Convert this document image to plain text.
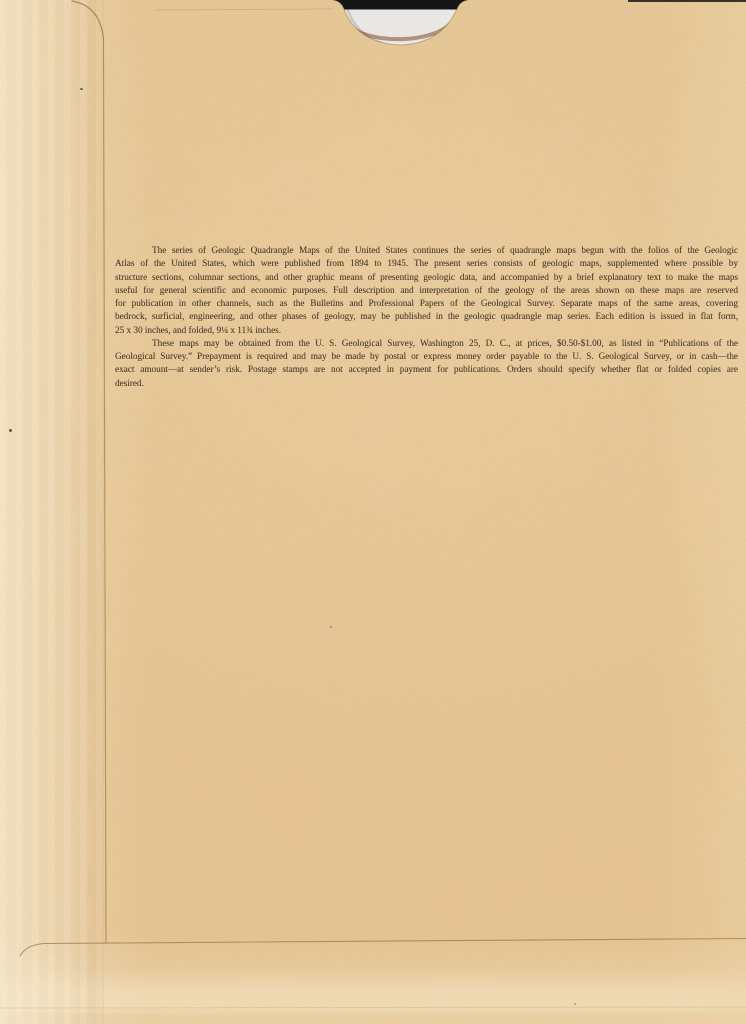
The series of Geologic Quadrangle Maps of the United States continues the series of quadrangle maps begun with the folios of the Geologic
Atlas of the United States, which were published from 1894 to 1945. The present series consists of geologic maps, supplemented where possible by
structure sections, columnar sections, and other graphic means of presenting geologic data, and accompanied by a brief explanatory text to make the maps
useful for general scientific and economic purposes. Full description and interpretation of the geology of the areas shown on these maps are reserved
for publication in other channels, such as the Bulletins and Professional Papers of the Geological Survey. Separate maps of the same areas, covering
bedrock, surficial, engineering, and other phases of geology, may be published in the geologic quadrangle map series. Each edition is issued in flat form,
25 x 30 inches, and folded, 9¼ x 11¾ inches.
These maps may be obtained from the U. S. Geological Survey, Washington 25, D. C., at prices, $0.50-$1.00, as listed in “Publications of the
Geological Survey.” Prepayment is required and may be made by postal or express money order payable to the U. S. Geological Survey, or in cash—the
exact amount—at sender’s risk. Postage stamps are not accepted in payment for publications. Orders should specify whether flat or folded copies are
desired.
